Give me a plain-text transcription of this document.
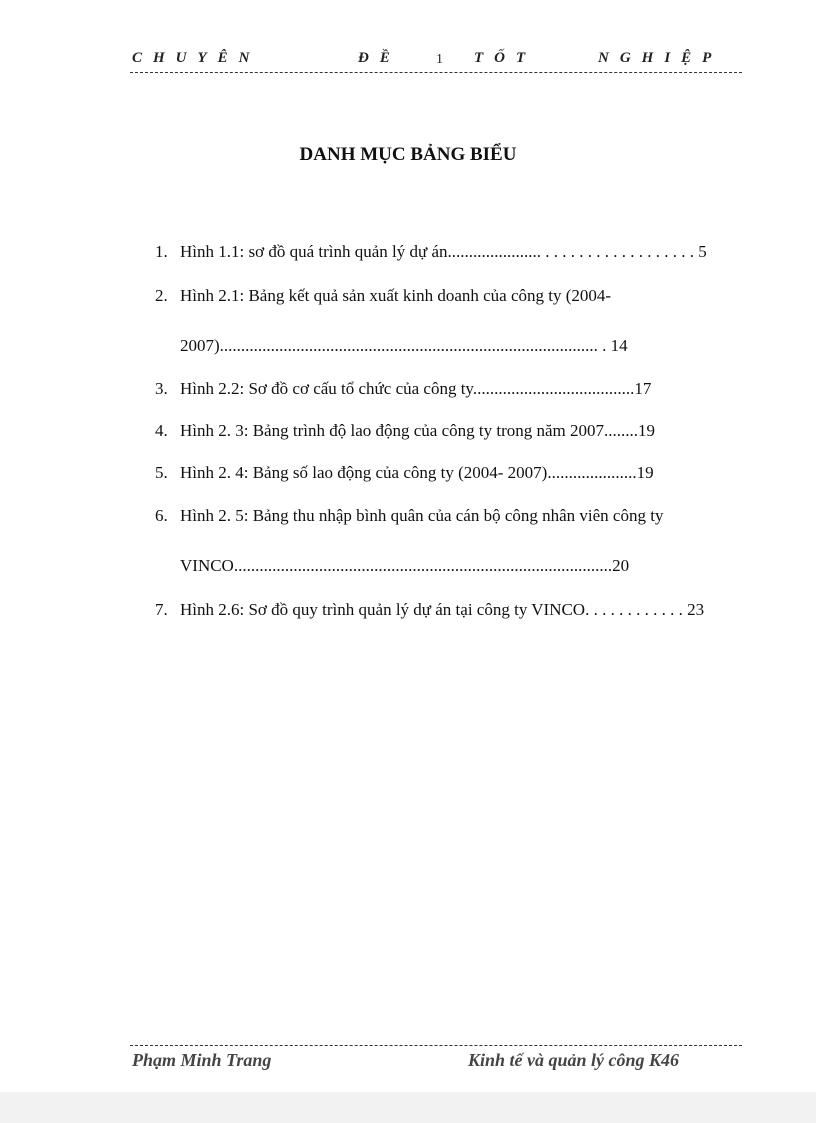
CHUYÊN	ĐỀ	1 TỐT	NGHIỆP
DANH MỤC BẢNG BIỂU
1. Hình 1.1: sơ đồ quá trình quản lý dự án...................... . . . . . . . . . . . . . . . . . . 5
2. Hình 2.1: Bảng kết quả sản xuất kinh doanh của công ty (2004-2007)......................................................................................... . 14
3. Hình 2.2: Sơ đồ cơ cấu tổ chức của công ty......................................17
4. Hình 2. 3: Bảng trình độ lao động của công ty trong năm 2007........19
5. Hình 2. 4: Bảng số lao động của công ty (2004- 2007).....................19
6. Hình 2. 5: Bảng thu nhập bình quân của cán bộ công nhân viên công ty VINCO.........................................................................................20
7. Hình 2.6: Sơ đồ quy trình quản lý dự án tại công ty VINCO. . . . . . . . . . . . 23
Phạm Minh Trang	Kinh tế và quản lý công K46
